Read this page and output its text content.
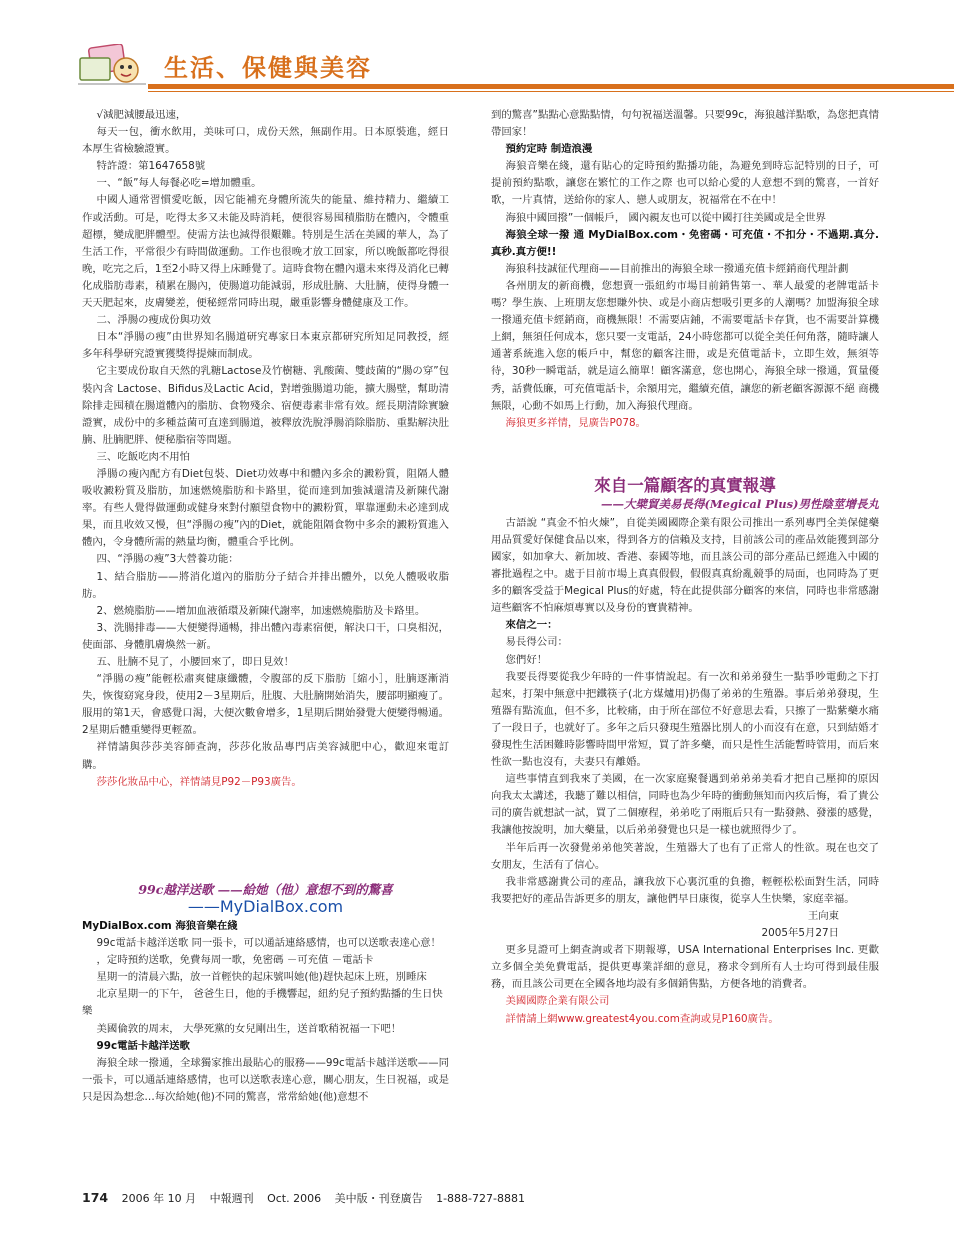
生活、保健與美容

√減肥減腰最迅速，

每天一包，衝水飲用，美味可口，成份天然，無副作用。日本原裝進，經日本厚生省檢驗證實。

特許證：第1647658號

一、“飯”每人每餐必吃=增加體重。

中國人通常習慣愛吃飯，因它能補充身體所流失的能量、維持精力、繼續工作或活動。可是，吃得太多又未能及時消耗，便很容易囤積脂肪在體內，令體重超標，變成肥胖體型。使需方法也減得很艱難。特別是生活在美國的華人，為了生活工作，平常很少有時間做運動。工作也很晚才放工回家，所以晚飯都吃得很晚，吃完之后，1至2小時又得上床睡覺了。這時食物在體內還未來得及消化已轉化成脂肪毒素，積累在腸內，使腸道功能減弱，形成肚腩、大肚腩，使得身體一天天肥起來，皮膚變差，便秘經常同時出現，嚴重影響身體健康及工作。

二、淨腸の痩成份與功效

日本“淨腸の痩”由世界知名腸道研究專家日本東京都研究所知足同教授，經多年科學研究證實獲獎得提煉而制成。

它主要成份取自天然的乳糖Lactose及竹樹糖、乳酸菌、雙歧菌的“腸の穿”包裝內含 Lactose、Bifidus及Lactic Acid，對增強腸道功能，擴大腸壁，幫助清除排走囤積在腸道體內的脂肪、食物殘余、宿便毒素非常有效。經長期清除實驗證實，成份中的多種益菌可直達到腸道，被釋放洗脫淨腸消除脂肪、重點解決肚腩、肚腩肥胖、便秘脂宿等問題。

三、吃飯吃肉不用怕

淨腸の瘦內配方有Diet包裝、Diet功效專中和體內多余的澱粉質，阻隔人體吸收澱粉質及脂肪，加速燃燒脂肪和卡路里，從而達到加強減還清及新陳代謝率。有些人覺得做運動或健身來對付願望食物中的澱粉質，單靠運動未必達到成果，而且收效又慢，但“淨腸の瘦”內的Diet，就能阻隔食物中多余的澱粉質進入體內，令身體所需的熱量均衡，體重合乎比例。

四、“淨腸の瘦”3大營養功能：

1、結合脂肪——將消化道內的脂肪分子結合并排出體外，以免人體吸收脂肪。

2、燃燒脂肪——增加血液循環及新陳代謝率，加速燃燒脂肪及卡路里。

3、洗腸排毒——大便變得通暢，排出體內毒素宿便，解決口干，口臭相況，使面部、身體肌膚煥然一新。

五、肚腩不見了，小腰回來了，即日見效！

“淨腸の瘦”能輕松肅爽健康纖體，令腹部的反下脂肪［縮小］，肚腩逐漸消失，恢復窈窕身段，使用2－3星期后，肚腹、大肚腩開始消失，腰部明顯瘦了。服用的第1天，會感覺口渴，大便次數會增多，1星期后開始發覺大便變得暢通。2星期后體重變得更輕盈。

祥情請與莎莎美容師查詢，莎莎化妝品專門店美容減肥中心，歡迎來電訂購。

莎莎化妝品中心，祥情請見P92－P93廣告。

99c越洋送歌 ——給她（他）意想不到的驚喜
——MyDialBox.com

MyDialBox.com 海狼音樂在綫

99c電話卡越洋送歌 同一張卡，可以通話連絡感情，也可以送歌表達心意！

，定時預約送歌，免費每周一歌，免密碼 －可充值 －電話卡

星期一的清晨六點，放一首輕快的起床號叫她(他)趕快起床上班，別睡床

北京星期一的下午， 爸爸生日，他的手機響起，紐約兒子預約點播的生日快樂

美國倫敦的周末， 大學死黨的女兒剛出生，送首歌稍祝福一下吧！

99c電話卡越洋送歌

海狼全球一撥通，全球獨家推出最貼心的服務——99c電話卡越洋送歌——同一張卡，可以通話連絡感情，也可以送歌表達心意，關心朋友，生日祝福，或是只是因為想念…每次給她(他)不同的驚喜，常常給她(他)意想不

到的驚喜”點點心意點點情，句句祝福送溫馨。只要99c，海狼越洋點歌，為您把真情帶回家！

預約定時 制造浪漫

海狼音樂在綫，還有貼心的定時預約點播功能，為避免到時忘記特別的日子，可提前預約點歌，讓您在繁忙的工作之際 也可以給心愛的人意想不到的驚喜，一首好歌，一片真情，送給你的家人、戀人或朋友，祝福常在不在中！

海狼中國回撥”一個帳戶， 國內親友也可以從中國打往美國或是全世界

海狼全球一撥 通 MyDialBox.com・免密碼・可充值・不扣分・不過期.真分.真秒.真方便!!

海狼科技誠征代理商——目前推出的海狼全球一撥通充值卡經銷商代理計劃

各州朋友的新商機，您想賣一張紐約市場目前銷售第一、華人最愛的老牌電話卡嗎？學生族、上班朋友您想賺外快、或是小商店想吸引更多的人潮嗎？加盟海狼全球一撥通充值卡經銷商，商機無限！不需要店鋪，不需要電話卡存貨，也不需要計算機上網，無須任何成本，您只要一支電話，24小時您都可以從全美任何角落，隨時讓人通著系統進入您的帳戶中，幫您的顧客注冊，或是充值電話卡，立即生效，無須等待，30秒一瞬電話，就是這么簡單！顧客滿意，您也開心，海狼全球一撥通，質量優秀，話費低廉，可充值電話卡，余額用完，繼續充值，讓您的新老顧客源源不絕 商機無限，心動不如馬上行動，加入海狼代理商。

海狼更多祥情，見廣告P078。

來自一篇顧客的真實報導
——大檗貿美易長得(Megical Plus)男性陰莖增長丸

古語說 “真金不怕火煉”，自從美國國際企業有限公司推出一系列專門全美保健藥用品質愛好保健食品以來，得到各方的信賴及支持，目前該公司的產品效能獲到部分國家，如加拿大、新加坡、香港、泰國等地，而且該公司的部分產品已經進入中國的審批過程之中。處于目前市場上真真假假，假假真真紛亂競爭的局面，也同時為了更多的顧客受益于Megical Plus的好處，特在此提供部分顧客的來信，同時也非常感謝這些顧客不怕麻煩專實以及身份的寶貴精神。

來信之一：

易長得公司：

您們好！

我要長得要從我少年時的一件事情說起。有一次和弟弟發生一點爭吵電動之下打起來，打架中無意中把鐵筷子(北方煤爐用)扔傷了弟弟的生殖器。事后弟弟發現，生殖器有點流血，但不多，比較痛，由于所在部位不好意思去看，只擦了一點紫藥水痛了一段日子，也就好了。多年之后只發現生殖器比別人的小而沒有在意，只到結婚才發現性生活困難時影響時間甲常短，買了許多藥，而只是性生活能暫時管用，而后來性欲一點也沒有，夫妻只有離婚。

這些事情直到我來了美國，在一次家庭聚餐遇到弟弟弟美看才把自己壓抑的原因向我太太講述，我聽了難以相信，同時也為少年時的衝動無知而內疚后悔，看了貴公司的廣告就想試一試，買了二個療程，弟弟吃了兩瓶后只有一點發熱、發漲的感覺，我讓他按說明，加大藥量，以后弟弟發覺也只是一樣也就照得少了。

半年后再一次發覺弟弟他笑著說，生殖器大了也有了正常人的性欲。現在也交了女朋友，生活有了信心。

我非常感謝貴公司的產品，讓我放下心裏沉重的負擔，輕輕松松面對生活，同時我要把好的產品告訴更多的朋友，讓他們早日康復，從享人生快樂，家庭幸福。

王向東

2005年5月27日

更多見證可上網查詢或者下期報導，USA International Enterprises Inc. 更歡立多個全美免費電話，提供更專業詳細的意見，務求令到所有人士均可得到最佳服務，而且該公司更在全國各地均設有多個銷售點，方便各地的消費者。

美國國際企業有限公司

詳情請上網www.greatest4you.com查詢或見P160廣告。

174 2006 年 10 月 中報週刊 Oct. 2006 美中版・刊登廣告 1-888-727-8881
